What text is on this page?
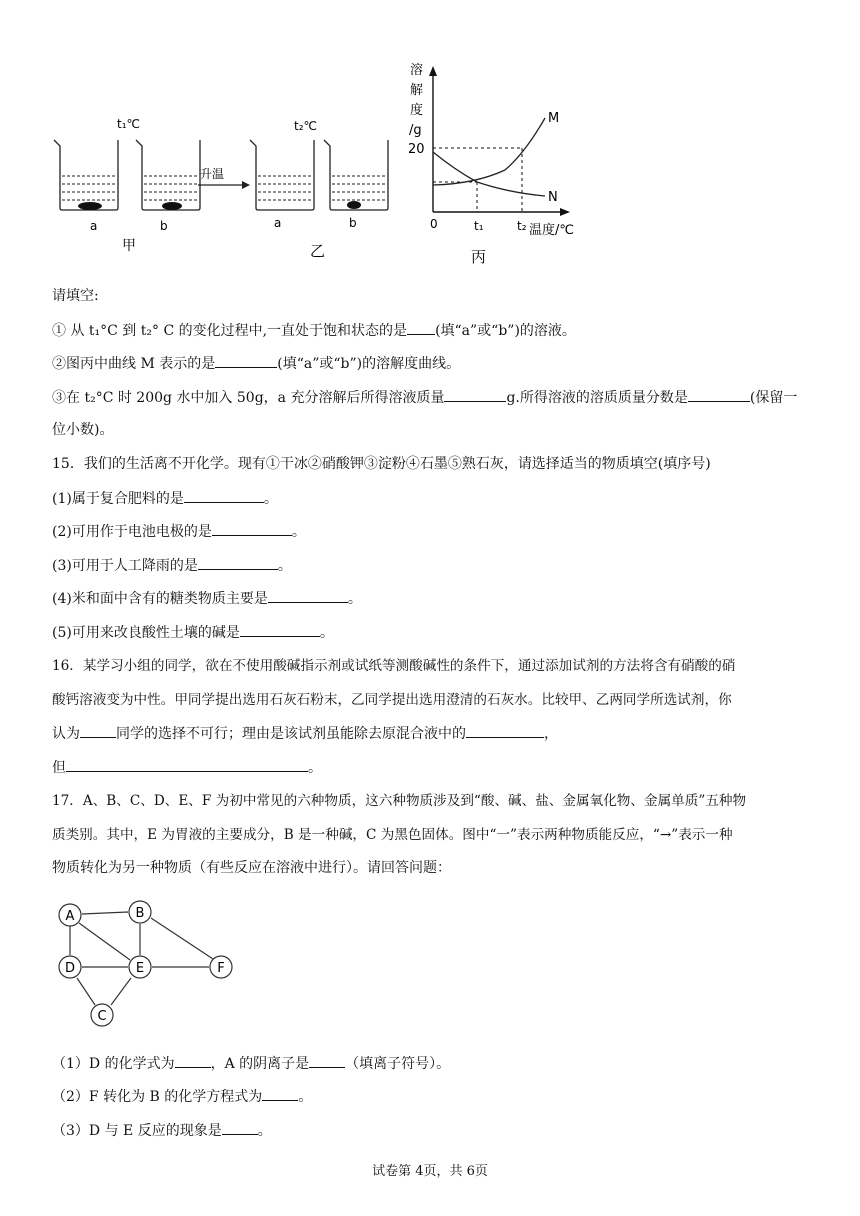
t₁℃	t₂℃
升温
a	b	a	b
甲	乙
溶
解
度
/g
20
0	t₁	t₂ 温度/℃
M
N
丙
请填空:
① 从 t₁°C 到 t₂° C 的变化过程中,一直处于饱和状态的是 (填“a”或“b”)的溶液。
②图丙中曲线 M 表示的是	(填“a”或“b”)的溶解度曲线。
③在 t₂°C 时 200g 水中加入 50g，a 充分溶解后所得溶液质量	g.所得溶液的溶质质量分数是	(保留一
位小数)。
15．我们的生活离不开化学。现有①干冰②硝酸钾③淀粉④石墨⑤熟石灰，请选择适当的物质填空(填序号)
(1)属于复合肥料的是	。
(2)可用作于电池电极的是	。
(3)可用于人工降雨的是	。
(4)米和面中含有的糖类物质主要是	。
(5)可用来改良酸性土壤的碱是	。
16．某学习小组的同学，欲在不使用酸碱指示剂或试纸等测酸碱性的条件下，通过添加试剂的方法将含有硝酸的硝
酸钙溶液变为中性。甲同学提出选用石灰石粉末，乙同学提出选用澄清的石灰水。比较甲、乙两同学所选试剂，你
认为	同学的选择不可行；理由是该试剂虽能除去原混合液中的	，
但	。
17．A、B、C、D、E、F 为初中常见的六种物质，这六种物质涉及到“酸、碱、盐、金属氧化物、金属单质”五种物
质类别。其中，E 为胃液的主要成分，B 是一种碱，C 为黑色固体。图中“一”表示两种物质能反应，“→”表示一种
物质转化为另一种物质（有些反应在溶液中进行）。请回答问题：
A	B
D	E	F
C
（1）D 的化学式为	，A 的阴离子是	（填离子符号）。
（2）F 转化为 B 的化学方程式为	。
（3）D 与 E 反应的现象是	。
试卷第 4页，共 6页
